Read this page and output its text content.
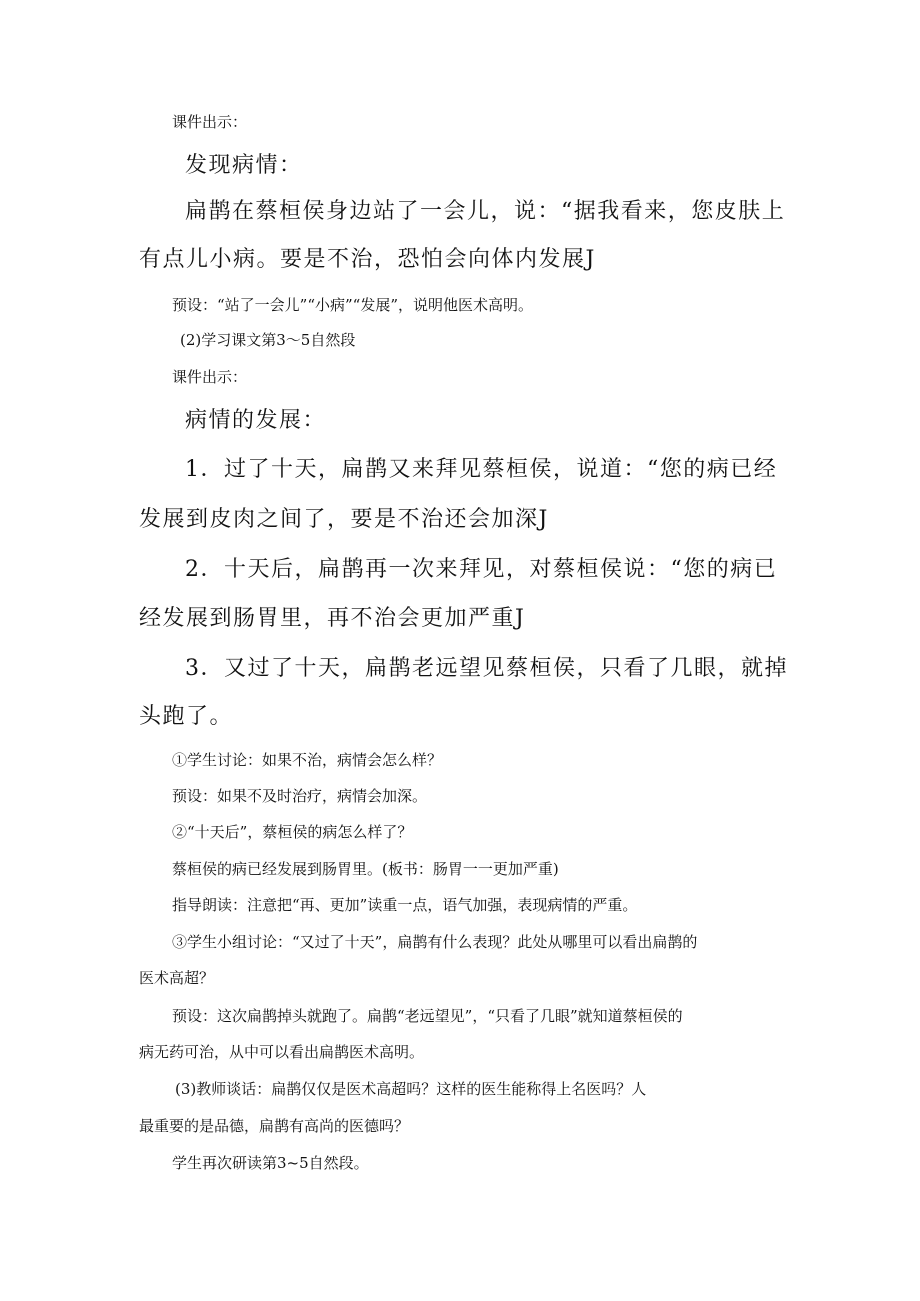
课件出示：
发现病情：
扁鹊在蔡桓侯身边站了一会儿，说：“据我看来，您皮肤上
有点儿小病。要是不治，恐怕会向体内发展J
预设：“站了一会儿”“小病”“发展”，说明他医术高明。
(2)学习课文第3〜5自然段
课件出示：
病情的发展：
1．过了十天，扁鹊又来拜见蔡桓侯，说道：“您的病已经
发展到皮肉之间了，要是不治还会加深J
2．十天后，扁鹊再一次来拜见，对蔡桓侯说：“您的病已
经发展到肠胃里，再不治会更加严重J
3．又过了十天，扁鹊老远望见蔡桓侯，只看了几眼，就掉
头跑了。
①学生讨论：如果不治，病情会怎么样？
预设：如果不及时治疗，病情会加深。
②“十天后”，蔡桓侯的病怎么样了？
蔡桓侯的病已经发展到肠胃里。(板书：肠胃一一更加严重)
指导朗读：注意把“再、更加”读重一点，语气加强，表现病情的严重。
③学生小组讨论：“又过了十天”，扁鹊有什么表现？此处从哪里可以看出扁鹊的
医术高超？
预设：这次扁鹊掉头就跑了。扁鹊“老远望见”，“只看了几眼”就知道蔡桓侯的
病无药可治，从中可以看出扁鹊医术高明。
(3)教师谈话：扁鹊仅仅是医术高超吗？这样的医生能称得上名医吗？人
最重要的是品德，扁鹊有高尚的医德吗？
学生再次研读第3~5自然段。
